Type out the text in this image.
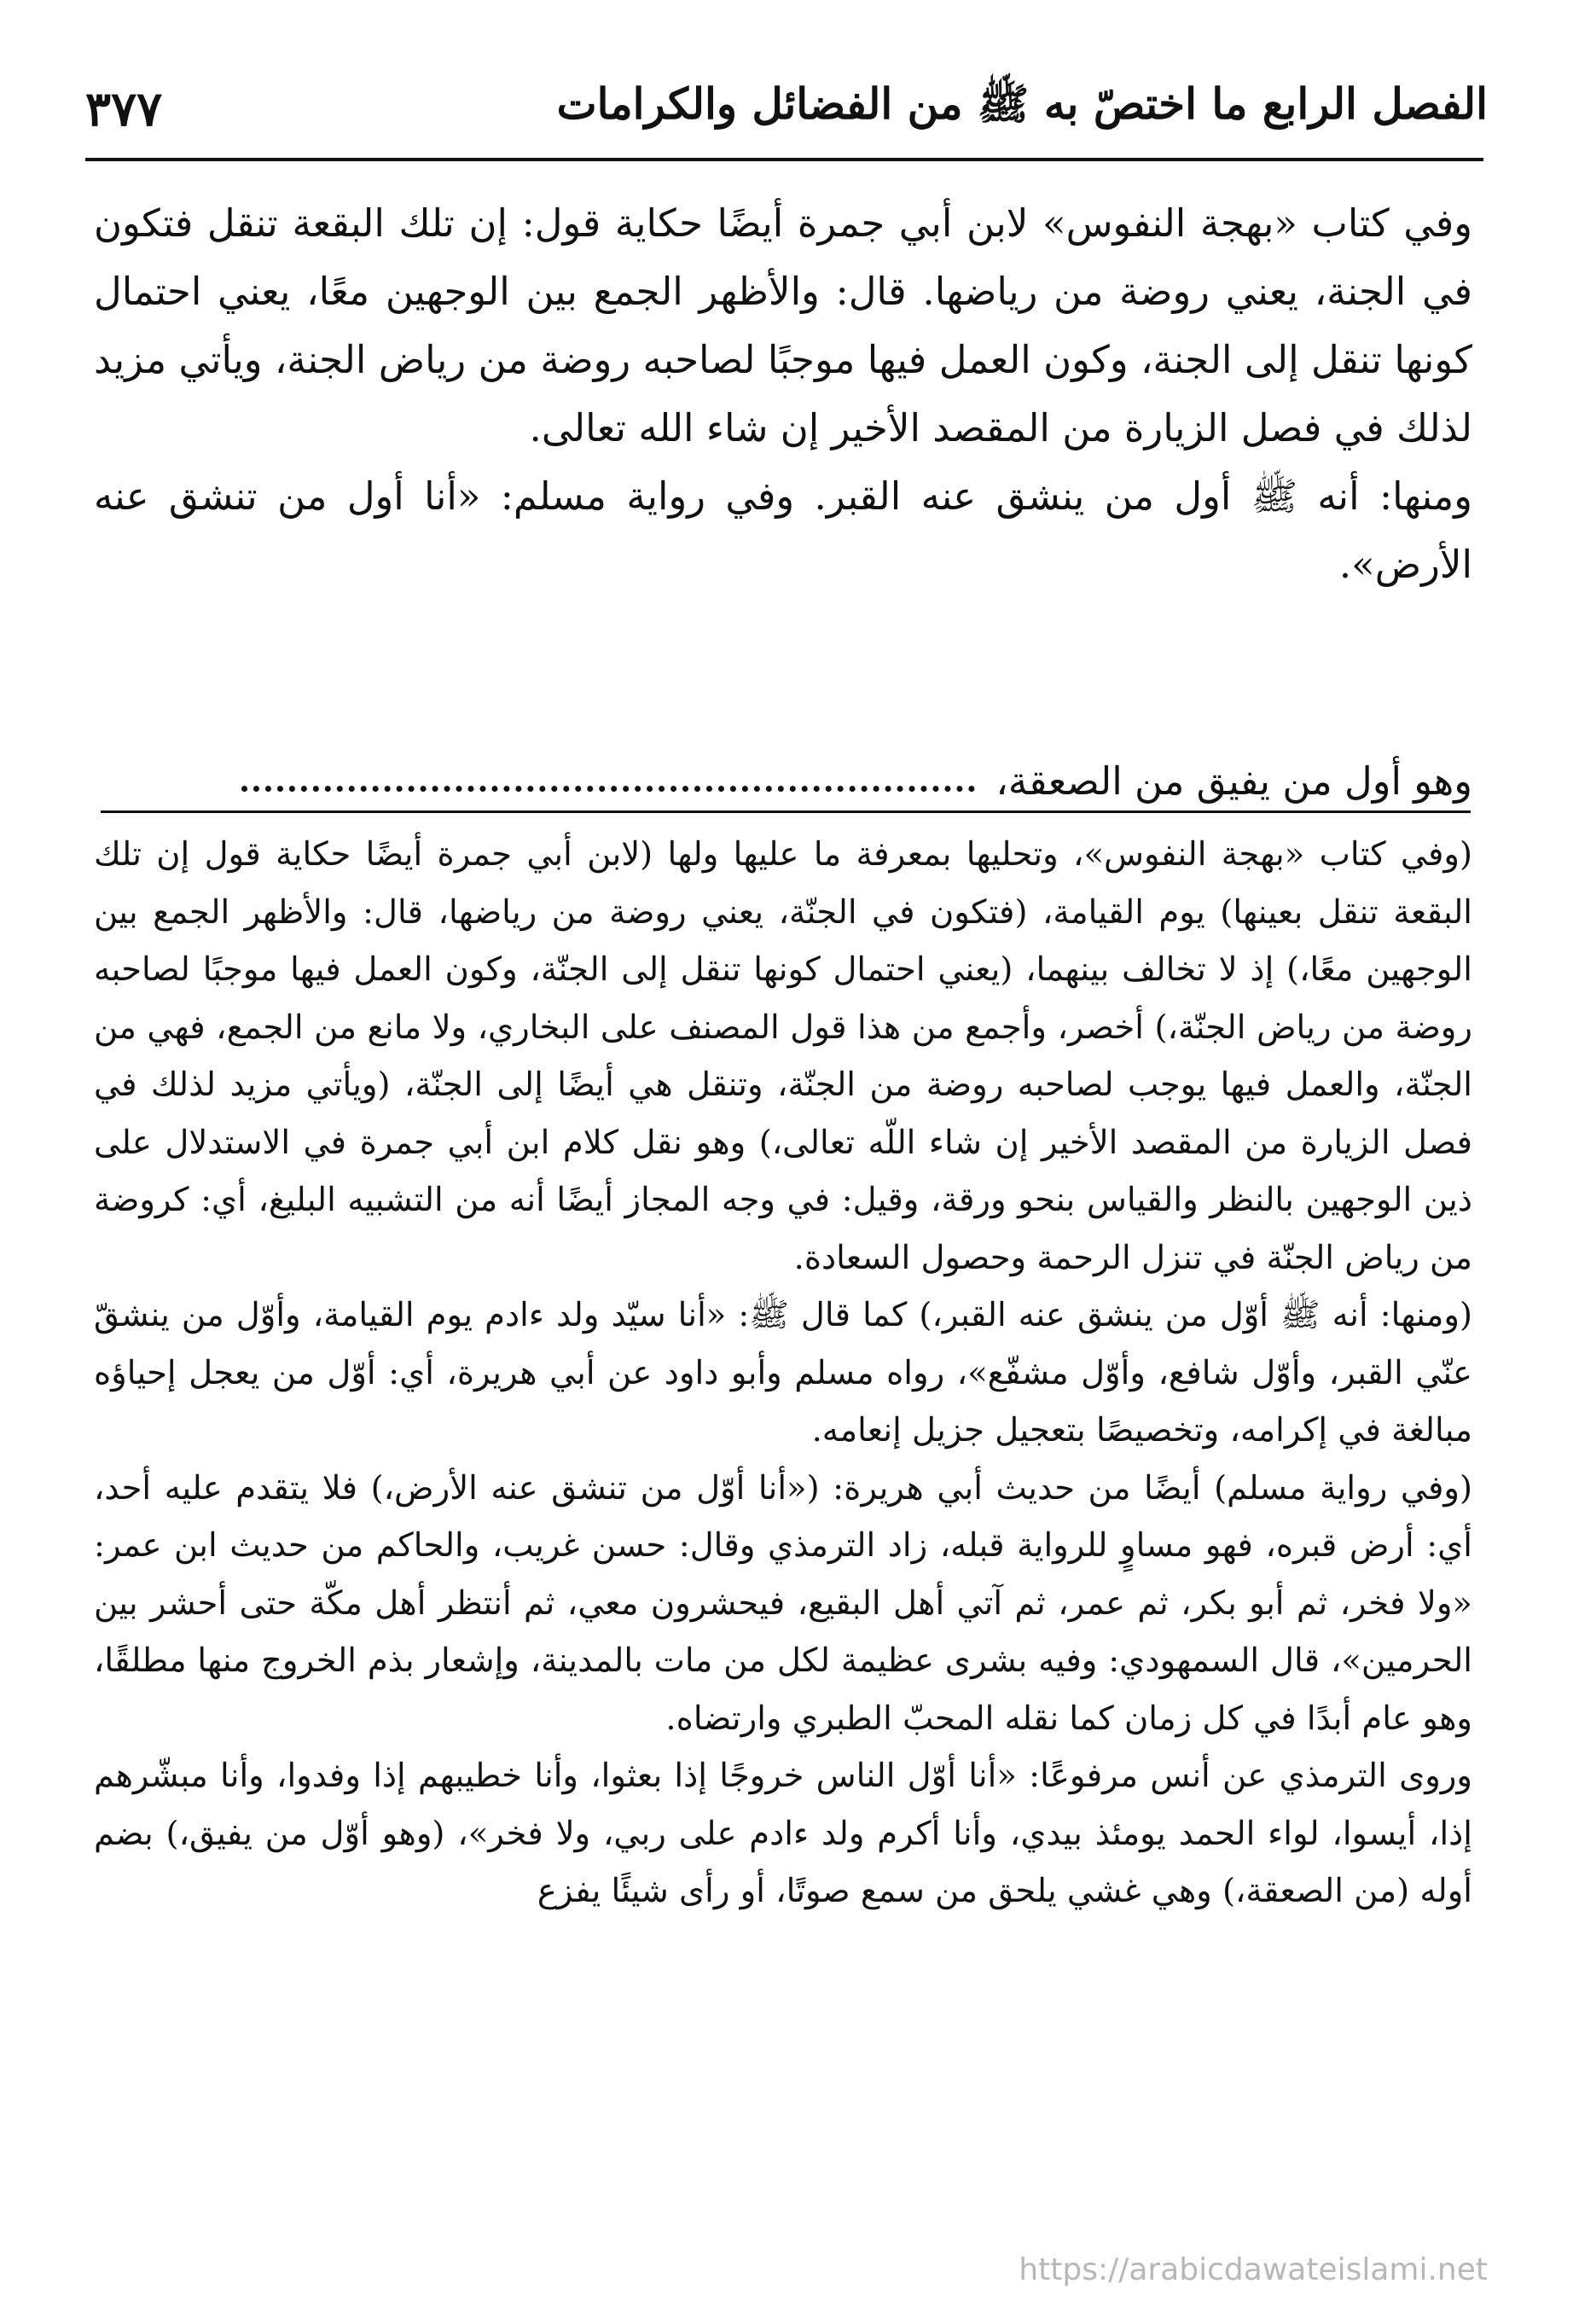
الفصل الرابع ما اختصّ به ﷺ من الفضائل والكرامات
٣٧٧

وفي كتاب «بهجة النفوس» لابن أبي جمرة أيضًا حكاية قول: إن تلك البقعة تنقل فتكون في الجنة، يعني روضة من رياضها. قال: والأظهر الجمع بين الوجهين معًا، يعني احتمال كونها تنقل إلى الجنة، وكون العمل فيها موجبًا لصاحبه روضة من رياض الجنة، ويأتي مزيد لذلك في فصل الزيارة من المقصد الأخير إن شاء الله تعالى.

ومنها: أنه ﷺ أول من ينشق عنه القبر. وفي رواية مسلم: «أنا أول من تنشق عنه الأرض».

وهو أول من يفيق من الصعقة،

(وفي كتاب «بهجة النفوس»، وتحليها بمعرفة ما عليها ولها (لابن أبي جمرة أيضًا حكاية قول إن تلك البقعة تنقل بعينها) يوم القيامة، (فتكون في الجنّة، يعني روضة من رياضها، قال: والأظهر الجمع بين الوجهين معًا،) إذ لا تخالف بينهما، (يعني احتمال كونها تنقل إلى الجنّة، وكون العمل فيها موجبًا لصاحبه روضة من رياض الجنّة،) أخصر، وأجمع من هذا قول المصنف على البخاري، ولا مانع من الجمع، فهي من الجنّة، والعمل فيها يوجب لصاحبه روضة من الجنّة، وتنقل هي أيضًا إلى الجنّة، (ويأتي مزيد لذلك في فصل الزيارة من المقصد الأخير إن شاء اللّه تعالى،) وهو نقل كلام ابن أبي جمرة في الاستدلال على ذين الوجهين بالنظر والقياس بنحو ورقة، وقيل: في وجه المجاز أيضًا أنه من التشبيه البليغ، أي: كروضة من رياض الجنّة في تنزل الرحمة وحصول السعادة.

(ومنها: أنه ﷺ أوّل من ينشق عنه القبر،) كما قال ﷺ: «أنا سيّد ولد ءادم يوم القيامة، وأوّل من ينشقّ عنّي القبر، وأوّل شافع، وأوّل مشفّع»، رواه مسلم وأبو داود عن أبي هريرة، أي: أوّل من يعجل إحياؤه مبالغة في إكرامه، وتخصيصًا بتعجيل جزيل إنعامه.

(وفي رواية مسلم) أيضًا من حديث أبي هريرة: («أنا أوّل من تنشق عنه الأرض،) فلا يتقدم عليه أحد، أي: أرض قبره، فهو مساوٍ للرواية قبله، زاد الترمذي وقال: حسن غريب، والحاكم من حديث ابن عمر: «ولا فخر، ثم أبو بكر، ثم عمر، ثم آتي أهل البقيع، فيحشرون معي، ثم أنتظر أهل مكّة حتى أحشر بين الحرمين»، قال السمهودي: وفيه بشرى عظيمة لكل من مات بالمدينة، وإشعار بذم الخروج منها مطلقًا، وهو عام أبدًا في كل زمان كما نقله المحبّ الطبري وارتضاه.

وروى الترمذي عن أنس مرفوعًا: «أنا أوّل الناس خروجًا إذا بعثوا، وأنا خطيبهم إذا وفدوا، وأنا مبشّرهم إذا، أيسوا، لواء الحمد يومئذ بيدي، وأنا أكرم ولد ءادم على ربي، ولا فخر»، (وهو أوّل من يفيق،) بضم أوله (من الصعقة،) وهي غشي يلحق من سمع صوتًا، أو رأى شيئًا يفزع

https://arabicdawateislami.net
